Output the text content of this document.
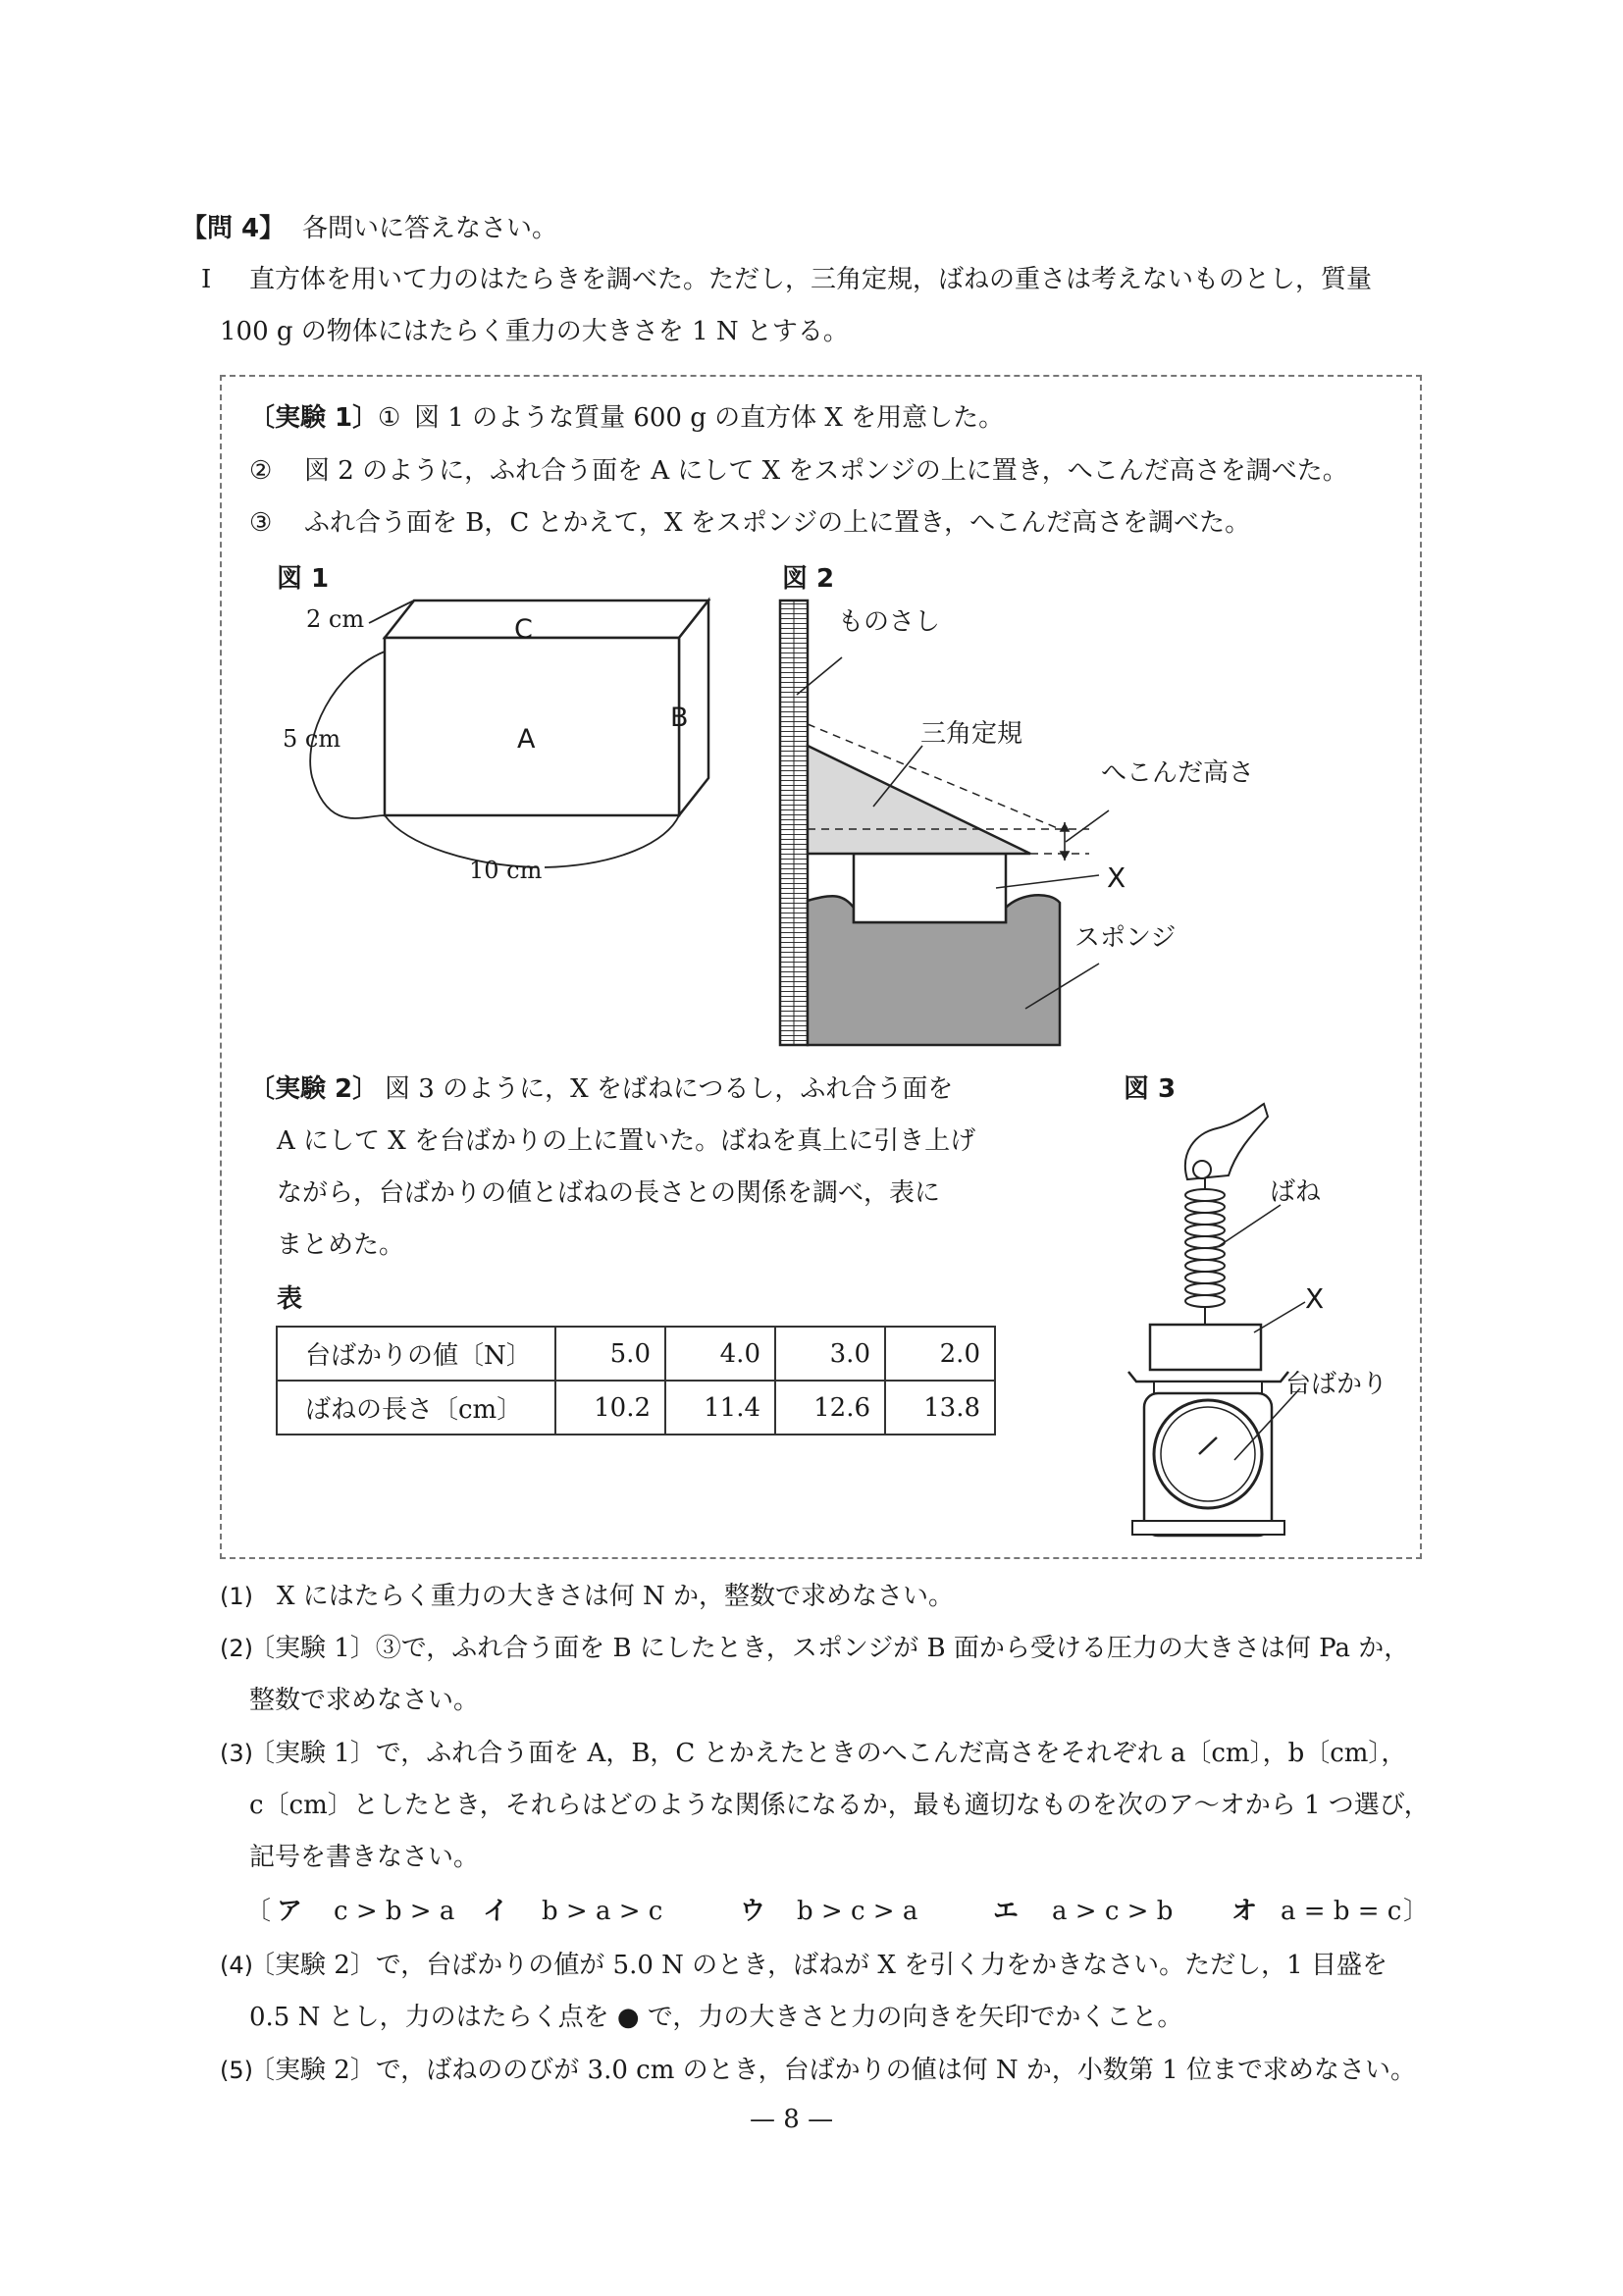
【問 4】 各問いに答えなさい。
I 直方体を用いて力のはたらきを調べた。ただし，三角定規，ばねの重さは考えないものとし，質量
100 g の物体にはたらく重力の大きさを 1 N とする。
〔実験 1〕 ① 図 1 のような質量 600 g の直方体 X を用意した。
② 図 2 のように，ふれ合う面を A にして X をスポンジの上に置き，へこんだ高さを調べた。
③ ふれ合う面を B，C とかえて，X をスポンジの上に置き，へこんだ高さを調べた。
図 1
2 cm
5 cm
10 cm
A
B
C
図 2
ものさし
三角定規
へこんだ高さ
X
スポンジ
〔実験 2〕 図 3 のように，X をばねにつるし，ふれ合う面を
A にして X を台ばかりの上に置いた。ばねを真上に引き上げ
ながら，台ばかりの値とばねの長さとの関係を調べ，表に
まとめた。
表
台ばかりの値〔N〕	5.0	4.0	3.0	2.0
ばねの長さ〔cm〕	10.2	11.4	12.6	13.8
図 3
ばね
X
台ばかり
(1) X にはたらく重力の大きさは何 N か，整数で求めなさい。
(2)
〔実験 1〕③で，ふれ合う面を B にしたとき，スポンジが B 面から受ける圧力の大きさは何 Pa か，
整数で求めなさい。
(3)
〔実験 1〕で，ふれ合う面を A，B，C とかえたときのへこんだ高さをそれぞれ a〔cm〕，b〔cm〕，
c〔cm〕としたとき，それらはどのような関係になるか，最も適切なものを次のア～オから 1 つ選び，
記号を書きなさい。
〔 ア c > b > a イ b > a > c	ウ b > c > a	エ a > c > b オ a = b = c 〕
(4)
〔実験 2〕で，台ばかりの値が 5.0 N のとき，ばねが X を引く力をかきなさい。ただし，1 目盛を
0.5 N とし，力のはたらく点を ● で，力の大きさと力の向きを矢印でかくこと。
(5)
〔実験 2〕で，ばねののびが 3.0 cm のとき，台ばかりの値は何 N か，小数第 1 位まで求めなさい。
— 8 —
